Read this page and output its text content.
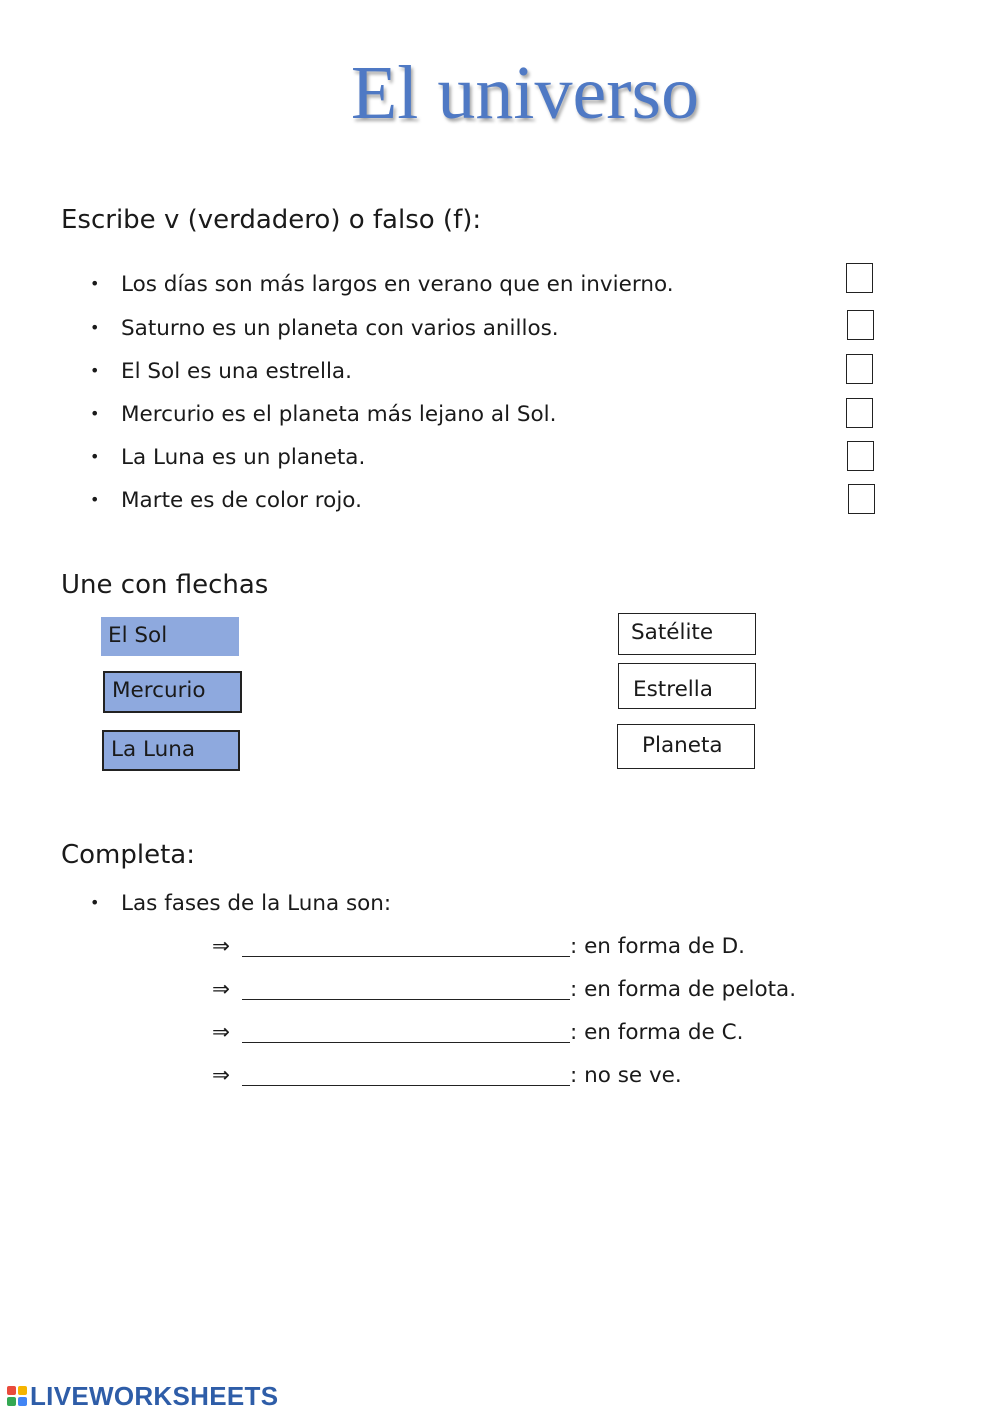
El universo
Escribe v (verdadero) o falso (f):
• Los días son más largos en verano que en invierno.
• Saturno es un planeta con varios anillos.
• El Sol es una estrella.
• Mercurio es el planeta más lejano al Sol.
• La Luna es un planeta.
• Marte es de color rojo.
Une con flechas
El Sol
Mercurio
La Luna
Satélite
Estrella
Planeta
Completa:
• Las fases de la Luna son:
⇒	: en forma de D.
⇒	: en forma de pelota.
⇒	: en forma de C.
⇒	: no se ve.
LIVEWORKSHEETS
